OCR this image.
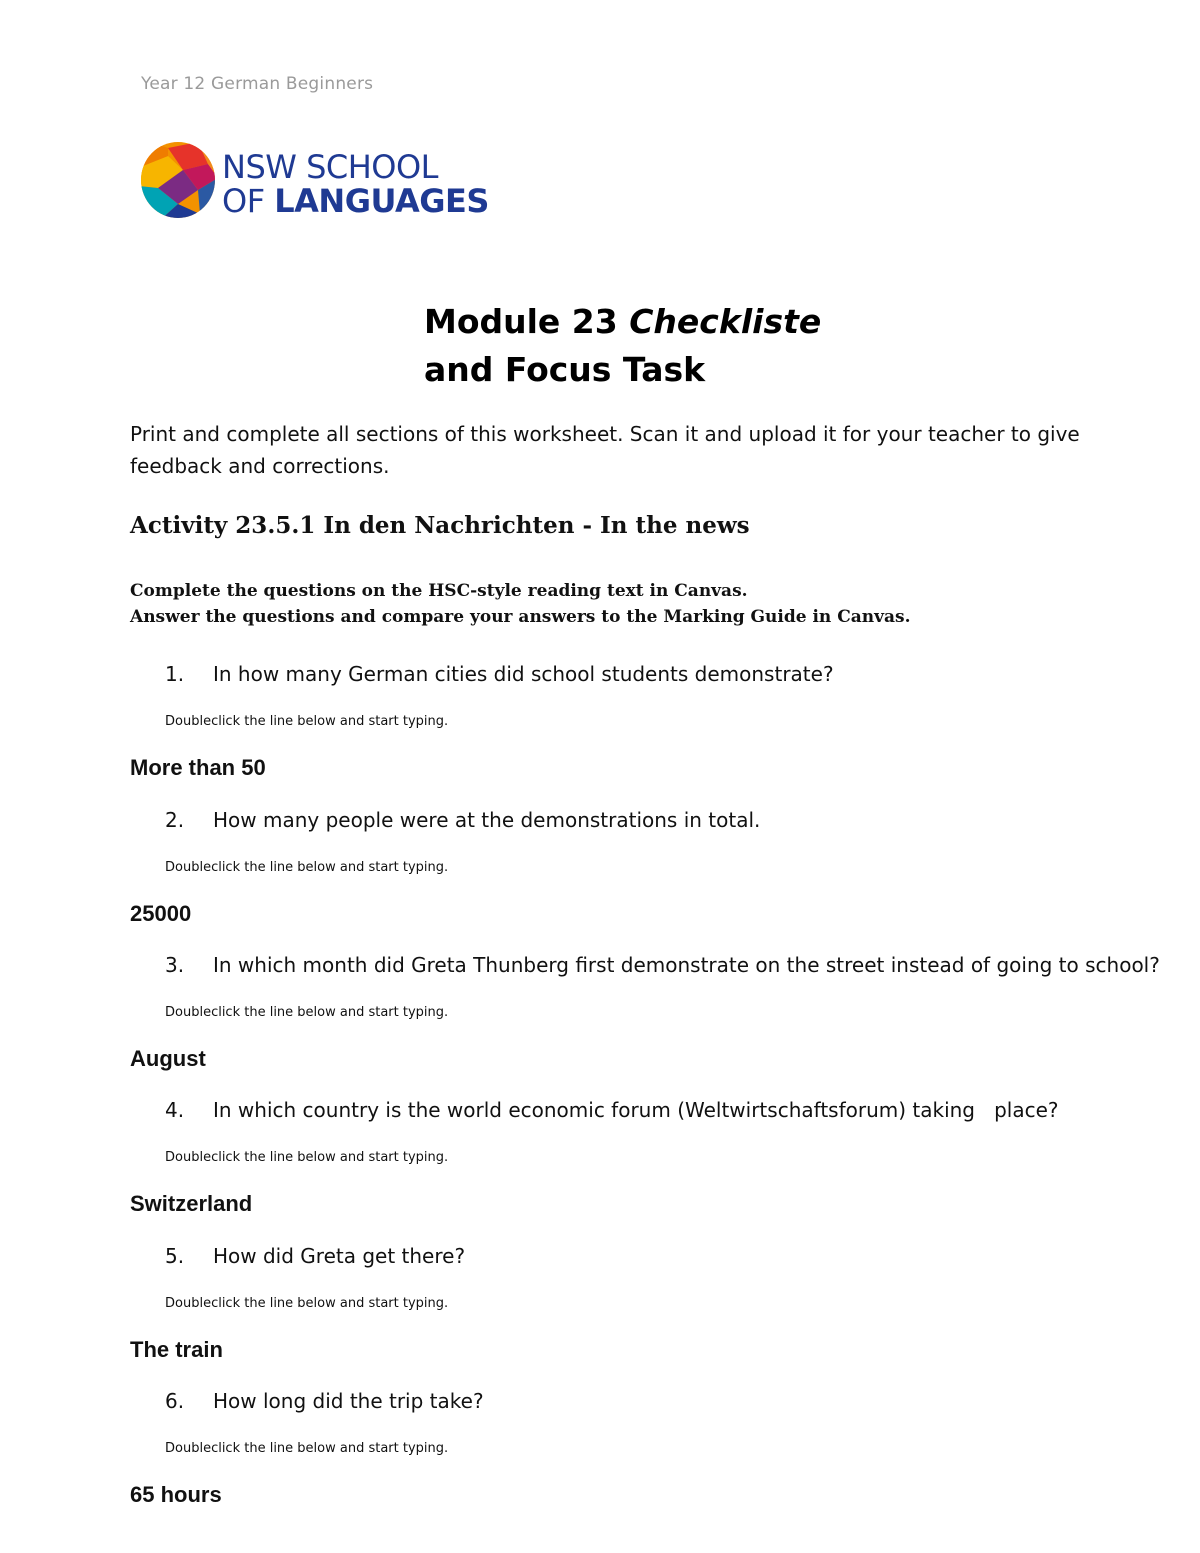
Year 12 German Beginners
NSW SCHOOL
OF LANGUAGES
Module 23 Checkliste
and Focus Task
Print and complete all sections of this worksheet. Scan it and upload it for your teacher to give feedback and corrections.
Activity 23.5.1 In den Nachrichten - In the news
Complete the questions on the HSC-style reading text in Canvas.
Answer the questions and compare your answers to the Marking Guide in Canvas.
1. In how many German cities did school students demonstrate?
Doubleclick the line below and start typing.
More than 50
2. How many people were at the demonstrations in total.
Doubleclick the line below and start typing.
25000
3. In which month did Greta Thunberg first demonstrate on the street instead of going to school?
Doubleclick the line below and start typing.
August
4. In which country is the world economic forum (Weltwirtschaftsforum) taking   place?
Doubleclick the line below and start typing.
Switzerland
5. How did Greta get there?
Doubleclick the line below and start typing.
The train
6. How long did the trip take?
Doubleclick the line below and start typing.
65 hours
